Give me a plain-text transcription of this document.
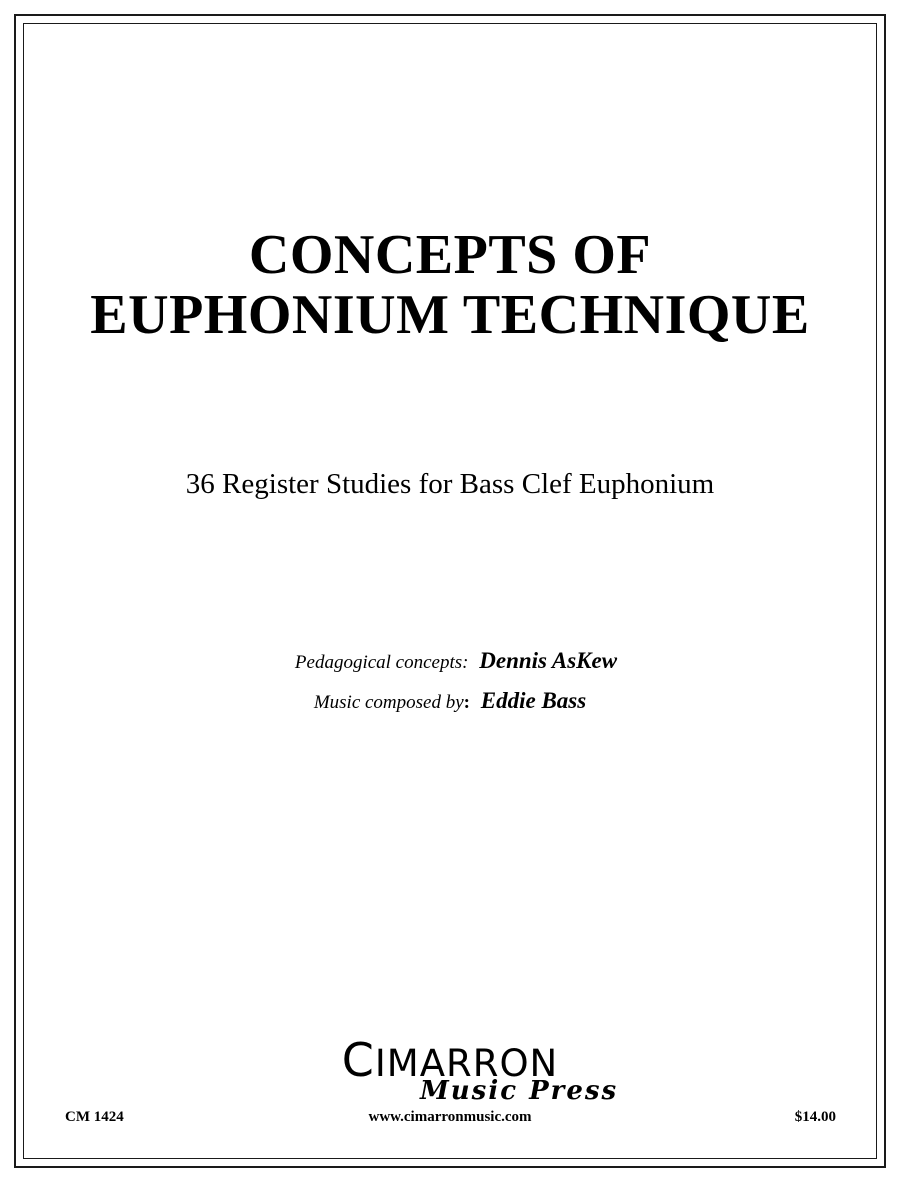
CONCEPTS OF
EUPHONIUM TECHNIQUE
36 Register Studies for Bass Clef Euphonium
Pedagogical concepts: Dennis AsKew
Music composed by: Eddie Bass
CIMARRON
Music Press
CM 1424	www.cimarronmusic.com	$14.00
